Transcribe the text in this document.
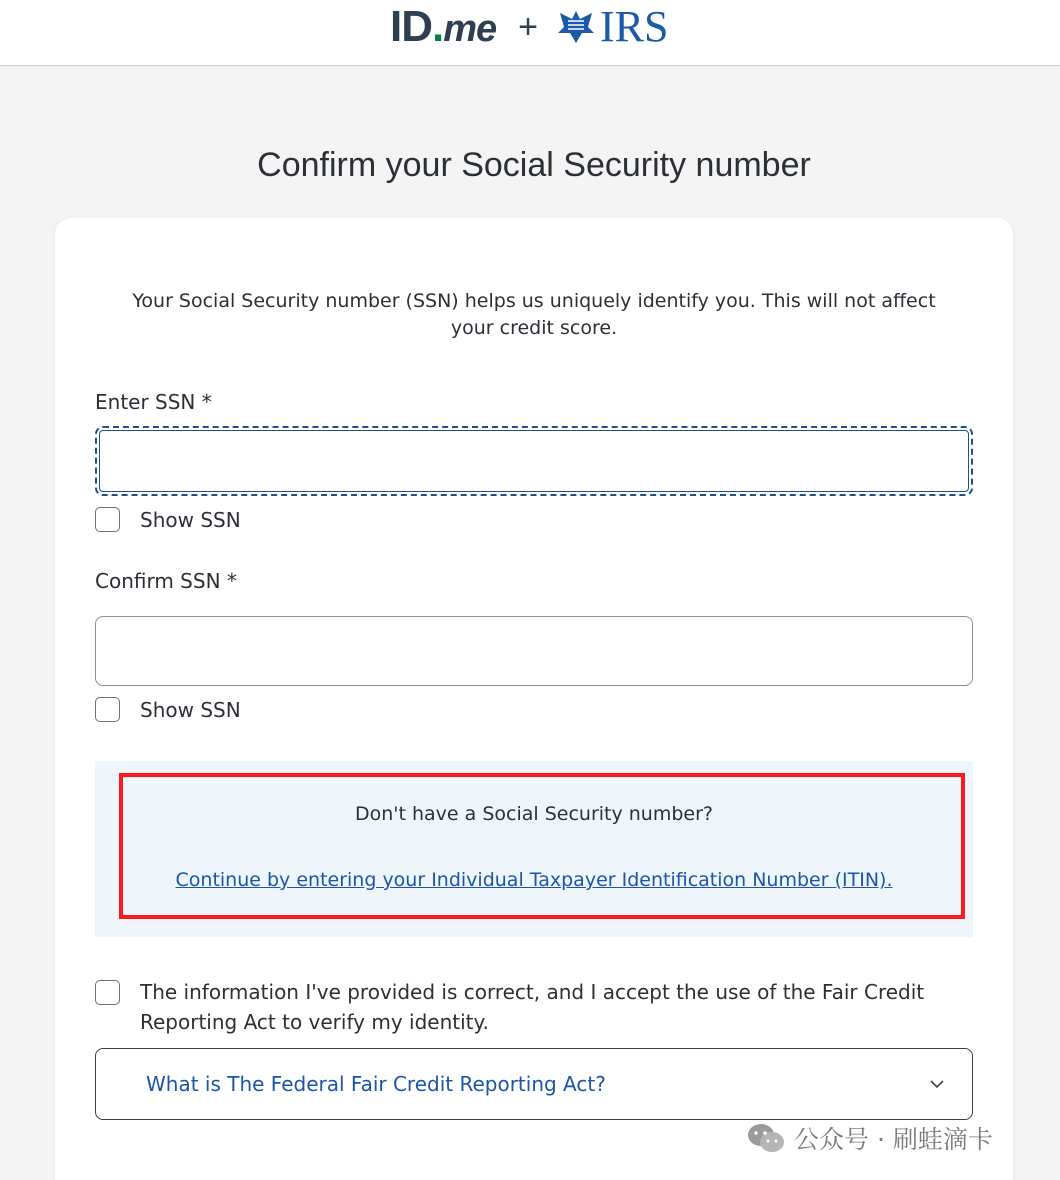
ID . me + IRS
Confirm your Social Security number

Your Social Security number (SSN) helps us uniquely identify you. This will not affect your credit score.

Enter SSN *
Show SSN
Confirm SSN *
Show SSN

Don't have a Social Security number?

Continue by entering your Individual Taxpayer Identification Number (ITIN).
The information I've provided is correct, and I accept the use of the Fair Credit Reporting Act to verify my identity.
What is The Federal Fair Credit Reporting Act?
公众号 · 刷蛙滴卡
